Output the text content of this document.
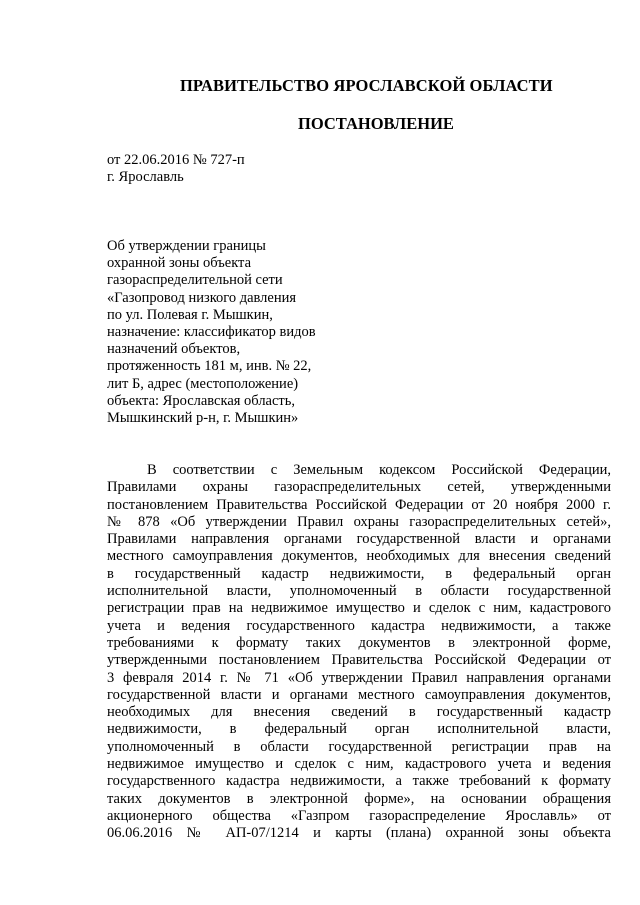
ПРАВИТЕЛЬСТВО ЯРОСЛАВСКОЙ ОБЛАСТИ
ПОСТАНОВЛЕНИЕ
от 22.06.2016 № 727-п
г. Ярославль
Об утверждении границы
охранной зоны объекта
газораспределительной сети
«Газопровод низкого давления
по ул. Полевая г. Мышкин,
назначение: классификатор видов
назначений объектов,
протяженность 181 м, инв. № 22,
лит Б, адрес (местоположение)
объекта: Ярославская область,
Мышкинский р-н, г. Мышкин»
В соответствии с Земельным кодексом Российской Федерации,
Правилами охраны газораспределительных сетей, утвержденными
постановлением Правительства Российской Федерации от 20 ноября 2000 г.
№ 878 «Об утверждении Правил охраны газораспределительных сетей»,
Правилами направления органами государственной власти и органами
местного самоуправления документов, необходимых для внесения сведений
в государственный кадастр недвижимости, в федеральный орган
исполнительной власти, уполномоченный в области государственной
регистрации прав на недвижимое имущество и сделок с ним, кадастрового
учета и ведения государственного кадастра недвижимости, а также
требованиями к формату таких документов в электронной форме,
утвержденными постановлением Правительства Российской Федерации от
3 февраля 2014 г. № 71 «Об утверждении Правил направления органами
государственной власти и органами местного самоуправления документов,
необходимых для внесения сведений в государственный кадастр
недвижимости, в федеральный орган исполнительной власти,
уполномоченный в области государственной регистрации прав на
недвижимое имущество и сделок с ним, кадастрового учета и ведения
государственного кадастра недвижимости, а также требований к формату
таких документов в электронной форме», на основании обращения
акционерного общества «Газпром газораспределение Ярославль» от
06.06.2016 № АП-07/1214 и карты (плана) охранной зоны объекта
